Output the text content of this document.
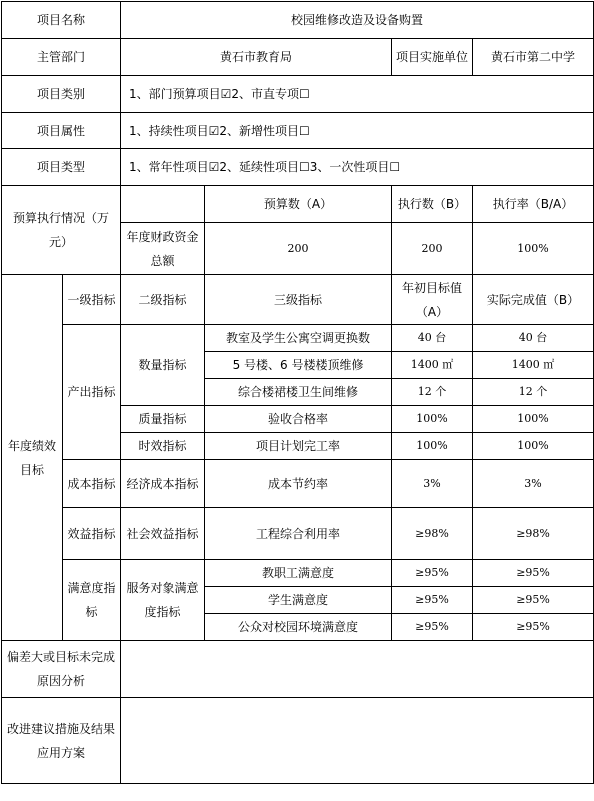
项目名称		校园维修改造及设备购置			
主管部门		黄石市教育局		项目实施单位	黄石市第二中学
项目类别		1、部门预算项目☑2、市直专项☐			
项目属性		1、持续性项目☑2、新增性项目☐			
项目类型		1、常年性项目☑2、延续性项目☐3、一次性项目☐			
预算执行情况（万元）			预算数（A）	执行数（B）	执行率（B/A）
		年度财政资金总额	200	200	100%
年度绩效目标	一级指标	二级指标	三级指标	年初目标值（A）	实际完成值（B）
	产出指标	数量指标	教室及学生公寓空调更换数	40 台	40 台
			5 号楼、6 号楼楼顶维修	1400 ㎡	1400 ㎡
			综合楼裙楼卫生间维修	12 个	12 个
		质量指标	验收合格率	100%	100%
		时效指标	项目计划完工率	100%	100%
	成本指标	经济成本指标	成本节约率	3%	3%
	效益指标	社会效益指标	工程综合利用率	≥98%	≥98%
	满意度指标	服务对象满意度指标	教职工满意度	≥95%	≥95%
			学生满意度	≥95%	≥95%
			公众对校园环境满意度	≥95%	≥95%
偏差大或目标未完成原因分析					
改进建议措施及结果应用方案					
